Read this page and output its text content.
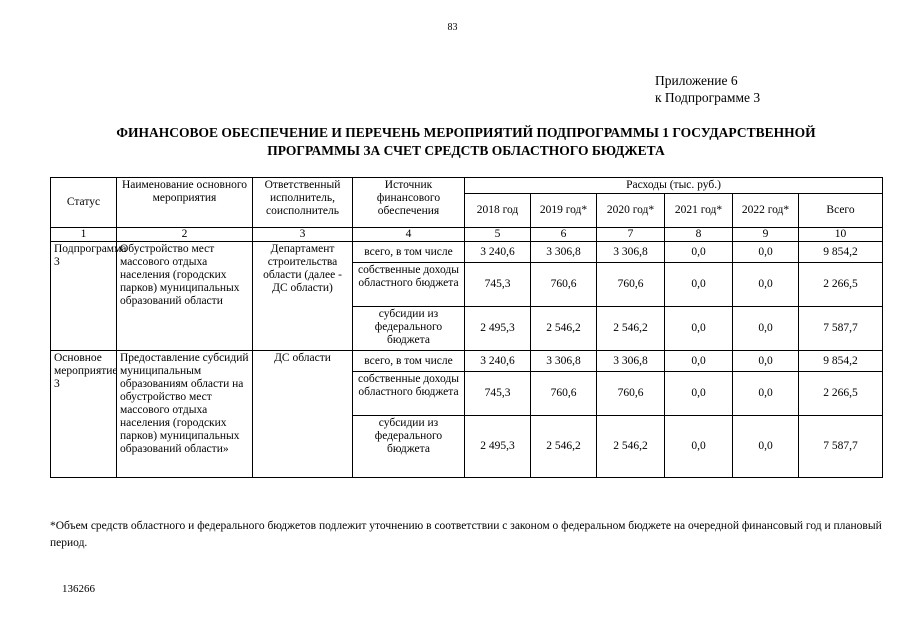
83
Приложение 6
к Подпрограмме 3
ФИНАНСОВОЕ ОБЕСПЕЧЕНИЕ И ПЕРЕЧЕНЬ МЕРОПРИЯТИЙ ПОДПРОГРАММЫ 1 ГОСУДАРСТВЕННОЙ
ПРОГРАММЫ ЗА СЧЕТ СРЕДСТВ ОБЛАСТНОГО БЮДЖЕТА
Статус	Наименование основного мероприятия	Ответственный исполнитель, соисполнитель	Источник финансового обеспечения	Расходы (тыс. руб.)					
				2018 год	2019 год*	2020 год*	2021 год*	2022 год*	Всего
1	2	3	4	5	6	7	8	9	10
Подпрограмма 3	Обустройство мест массового отдыха населения (городских парков) муниципальных образований области	Департамент строительства области (далее - ДС области)	всего, в том числе	3 240,6	3 306,8	3 306,8	0,0	0,0	9 854,2
			собственные доходы областного бюджета	745,3	760,6	760,6	0,0	0,0	2 266,5
			субсидии из федерального бюджета	2 495,3	2 546,2	2 546,2	0,0	0,0	7 587,7
Основное мероприятие 3	Предоставление субсидий муниципальным образованиям области на обустройство мест массового отдыха населения (городских парков) муниципальных образований области»	ДС области	всего, в том числе	3 240,6	3 306,8	3 306,8	0,0	0,0	9 854,2
			собственные доходы областного бюджета	745,3	760,6	760,6	0,0	0,0	2 266,5
			субсидии из федерального бюджета	2 495,3	2 546,2	2 546,2	0,0	0,0	7 587,7
*Объем средств областного и федерального бюджетов подлежит уточнению в соответствии с законом о федеральном бюджете на очередной финансовый год и плановый период.
136266
